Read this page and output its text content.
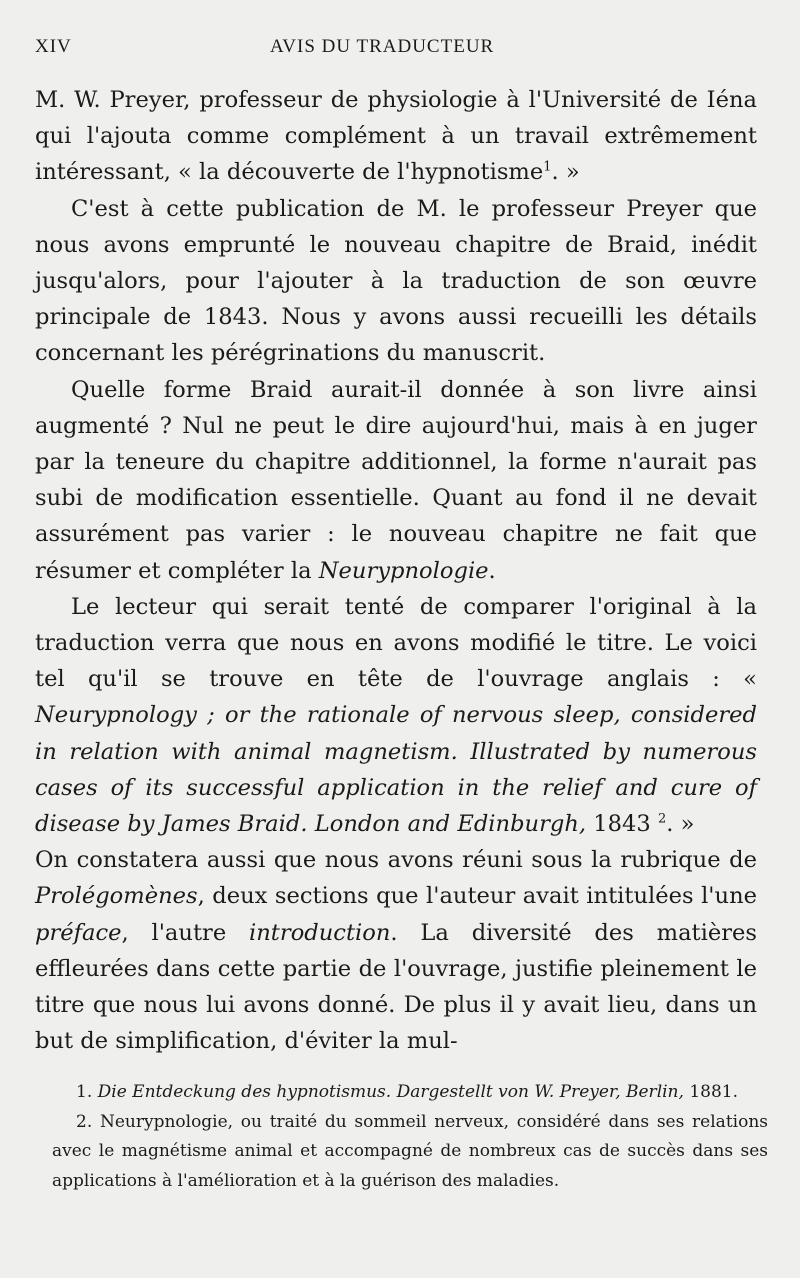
XIV	AVIS DU TRADUCTEUR

M. W. Preyer, professeur de physiologie à l'Université de Iéna qui l'ajouta comme complément à un travail extrêmement intéressant, « la découverte de l'hypnotisme$^1$. »

C'est à cette publication de M. le professeur Preyer que nous avons emprunté le nouveau chapitre de Braid, inédit jusqu'alors, pour l'ajouter à la traduction de son œuvre principale de 1843. Nous y avons aussi recueilli les détails concernant les pérégrinations du manuscrit.

Quelle forme Braid aurait-il donnée à son livre ainsi augmenté ? Nul ne peut le dire aujourd'hui, mais à en juger par la teneure du chapitre additionnel, la forme n'aurait pas subi de modification essentielle. Quant au fond il ne devait assurément pas varier : le nouveau chapitre ne fait que résumer et compléter la Neurypnologie.

Le lecteur qui serait tenté de comparer l'original à la traduction verra que nous en avons modifié le titre. Le voici tel qu'il se trouve en tête de l'ouvrage anglais : « Neurypnology ; or the rationale of nervous sleep, considered in relation with animal magnetism. Illustrated by numerous cases of its successful application in the relief and cure of disease by James Braid. London and Edinburgh, 1843 $^2$. »

On constatera aussi que nous avons réuni sous la rubrique de Prolégomènes, deux sections que l'auteur avait intitulées l'une préface, l'autre introduction. La diversité des matières effleurées dans cette partie de l'ouvrage, justifie pleinement le titre que nous lui avons donné. De plus il y avait lieu, dans un but de simplification, d'éviter la mul-

1. Die Entdeckung des hypnotismus. Dargestellt von W. Preyer, Berlin, 1881.

2. Neurypnologie, ou traité du sommeil nerveux, considéré dans ses relations avec le magnétisme animal et accompagné de nombreux cas de succès dans ses applications à l'amélioration et à la guérison des maladies.
